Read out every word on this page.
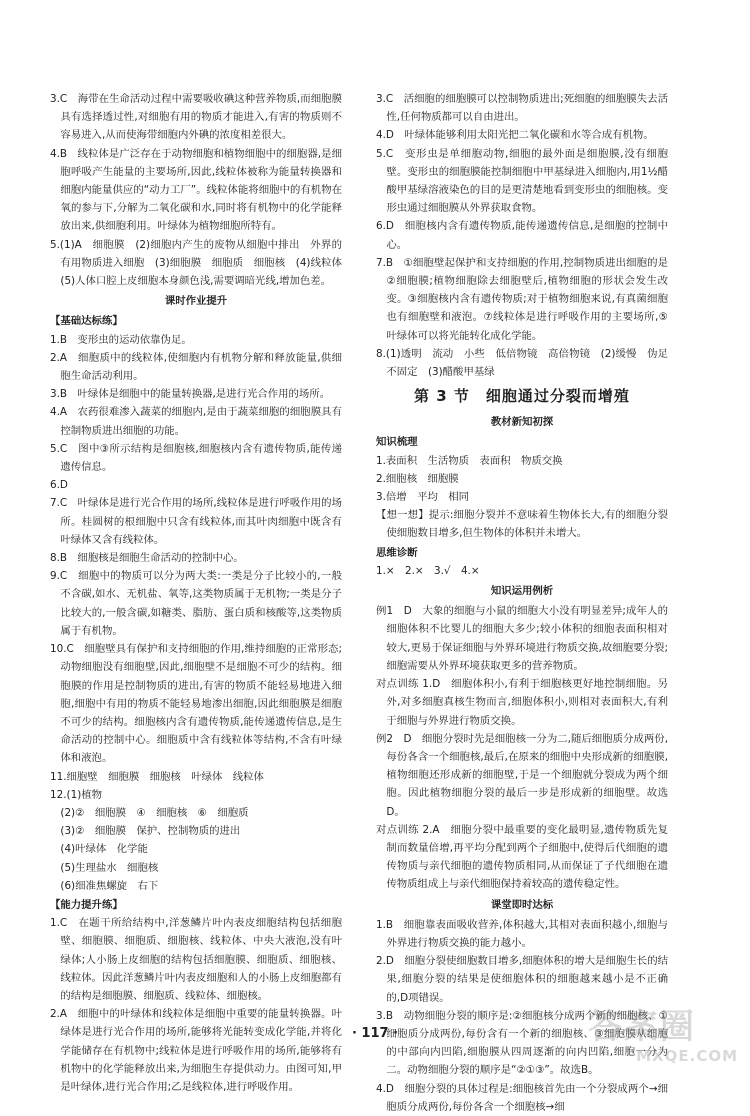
3.C　海带在生命活动过程中需要吸收碘这种营养物质,而细胞膜具有选择透过性,对细胞有用的物质才能进入,有害的物质则不容易进入,从而使海带细胞内外碘的浓度相差很大。
4.B　线粒体是广泛存在于动物细胞和植物细胞中的细胞器,是细胞呼吸产生能量的主要场所,因此,线粒体被称为能量转换器和细胞内能量供应的“动力工厂”。线粒体能将细胞中的有机物在氧的参与下,分解为二氧化碳和水,同时将有机物中的化学能释放出来,供细胞利用。叶绿体为植物细胞所特有。
5.(1)A　细胞膜　(2)细胞内产生的废物从细胞中排出　外界的有用物质进入细胞　(3)细胞膜　细胞质　细胞核　(4)线粒体　(5)人体口腔上皮细胞本身颜色浅,需要调暗光线,增加色差。
课时作业提升
【基础达标练】
1.B　变形虫的运动依靠伪足。
2.A　细胞质中的线粒体,使细胞内有机物分解和释放能量,供细胞生命活动利用。
3.B　叶绿体是细胞中的能量转换器,是进行光合作用的场所。
4.A　农药很难渗入蔬菜的细胞内,是由于蔬菜细胞的细胞膜具有控制物质进出细胞的功能。
5.C　图中③所示结构是细胞核,细胞核内含有遗传物质,能传递遗传信息。
6.D
7.C　叶绿体是进行光合作用的场所,线粒体是进行呼吸作用的场所。桂圆树的根细胞中只含有线粒体,而其叶肉细胞中既含有叶绿体又含有线粒体。
8.B　细胞核是细胞生命活动的控制中心。
9.C　细胞中的物质可以分为两大类:一类是分子比较小的,一般不含碳,如水、无机盐、氧等,这类物质属于无机物;一类是分子比较大的,一般含碳,如糖类、脂肪、蛋白质和核酸等,这类物质属于有机物。
10.C　细胞壁具有保护和支持细胞的作用,维持细胞的正常形态;动物细胞没有细胞壁,因此,细胞壁不是细胞不可少的结构。细胞膜的作用是控制物质的进出,有害的物质不能轻易地进入细胞,细胞中有用的物质不能轻易地渗出细胞,因此细胞膜是细胞不可少的结构。细胞核内含有遗传物质,能传递遗传信息,是生命活动的控制中心。细胞质中含有线粒体等结构,不含有叶绿体和液泡。
11.细胞壁　细胞膜　细胞核　叶绿体　线粒体
12.(1)植物
　(2)②　细胞膜　④　细胞核　⑥　细胞质
　(3)②　细胞膜　保护、控制物质的进出
　(4)叶绿体　化学能
　(5)生理盐水　细胞核
　(6)细准焦螺旋　右下
【能力提升练】
1.C　在题干所给结构中,洋葱鳞片叶内表皮细胞结构包括细胞壁、细胞膜、细胞质、细胞核、线粒体、中央大液泡,没有叶绿体;人小肠上皮细胞的结构包括细胞膜、细胞质、细胞核、线粒体。因此洋葱鳞片叶内表皮细胞和人的小肠上皮细胞都有的结构是细胞膜、细胞质、线粒体、细胞核。
2.A　细胞中的叶绿体和线粒体是细胞中重要的能量转换器。叶绿体是进行光合作用的场所,能够将光能转变成化学能,并将化学能储存在有机物中;线粒体是进行呼吸作用的场所,能够将有机物中的化学能释放出来,为细胞生存提供动力。由图可知,甲是叶绿体,进行光合作用;乙是线粒体,进行呼吸作用。
3.C　活细胞的细胞膜可以控制物质进出;死细胞的细胞膜失去活性,任何物质都可以自由进出。
4.D　叶绿体能够利用太阳光把二氧化碳和水等合成有机物。
5.C　变形虫是单细胞动物,细胞的最外面是细胞膜,没有细胞壁。变形虫的细胞膜能控制细胞中甲基绿进入细胞内,用1½醋酸甲基绿溶液染色的目的是更清楚地看到变形虫的细胞核。变形虫通过细胞膜从外界获取食物。
6.D　细胞核内含有遗传物质,能传递遗传信息,是细胞的控制中心。
7.B　①细胞壁起保护和支持细胞的作用,控制物质进出细胞的是②细胞膜;植物细胞除去细胞壁后,植物细胞的形状会发生改变。③细胞核内含有遗传物质;对于植物细胞来说,有真菌细胞也有细胞壁和液泡。⑦线粒体是进行呼吸作用的主要场所,⑤叶绿体可以将光能转化成化学能。
8.(1)透明　流动　小些　低倍物镜　高倍物镜　(2)缓慢　伪足　不固定　(3)醋酸甲基绿
第 3 节　细胞通过分裂而增殖
教材新知初探
知识梳理
1.表面积　生活物质　表面积　物质交换
2.细胞核　细胞膜
3.倍增　平均　相同
【想一想】提示:细胞分裂并不意味着生物体长大,有的细胞分裂使细胞数目增多,但生物体的体积并未增大。
思维诊断
1.×　2.×　3.√　4.×
知识运用例析
例1　D　大象的细胞与小鼠的细胞大小没有明显差异;成年人的细胞体积不比婴儿的细胞大多少;较小体积的细胞表面积相对较大,更易于保证细胞与外界环境进行物质交换,故细胞要分裂;细胞需要从外界环境获取更多的营养物质。
对点训练 1.D　细胞体积小,有利于细胞核更好地控制细胞。另外,对多细胞真核生物而言,细胞体积小,则相对表面积大,有利于细胞与外界进行物质交换。
例2　D　细胞分裂时先是细胞核一分为二,随后细胞质分成两份,每份各含一个细胞核,最后,在原来的细胞中央形成新的细胞膜,植物细胞还形成新的细胞壁,于是一个细胞就分裂成为两个细胞。因此植物细胞分裂的最后一步是形成新的细胞壁。故选D。
对点训练 2.A　细胞分裂中最重要的变化最明显,遗传物质先复制而数量倍增,再平均分配到两个子细胞中,使得后代细胞的遗传物质与亲代细胞的遗传物质相同,从而保证了子代细胞在遗传物质组成上与亲代细胞保持着较高的遗传稳定性。
课堂即时达标
1.B　细胞靠表面吸收营养,体积越大,其相对表面积越小,细胞与外界进行物质交换的能力越小。
2.D　细胞分裂使细胞数目增多,细胞体积的增大是细胞生长的结果,细胞分裂的结果是使细胞体积的细胞越来越小是不正确的,D项错误。
3.B　动物细胞分裂的顺序是:②细胞核分成两个新的细胞核、①细胞质分成两份,每份含有一个新的细胞核、③细胞膜从细胞的中部向内凹陷,细胞膜从四周逐渐的向内凹陷,细胞一分为二。动物细胞分裂的顺序是“②①③”。故选B。
4.D　细胞分裂的具体过程是:细胞核首先由一个分裂成两个→细胞质分成两份,每份各含一个细胞核→细
· 117 ·	答案圈
MXQE.COM
